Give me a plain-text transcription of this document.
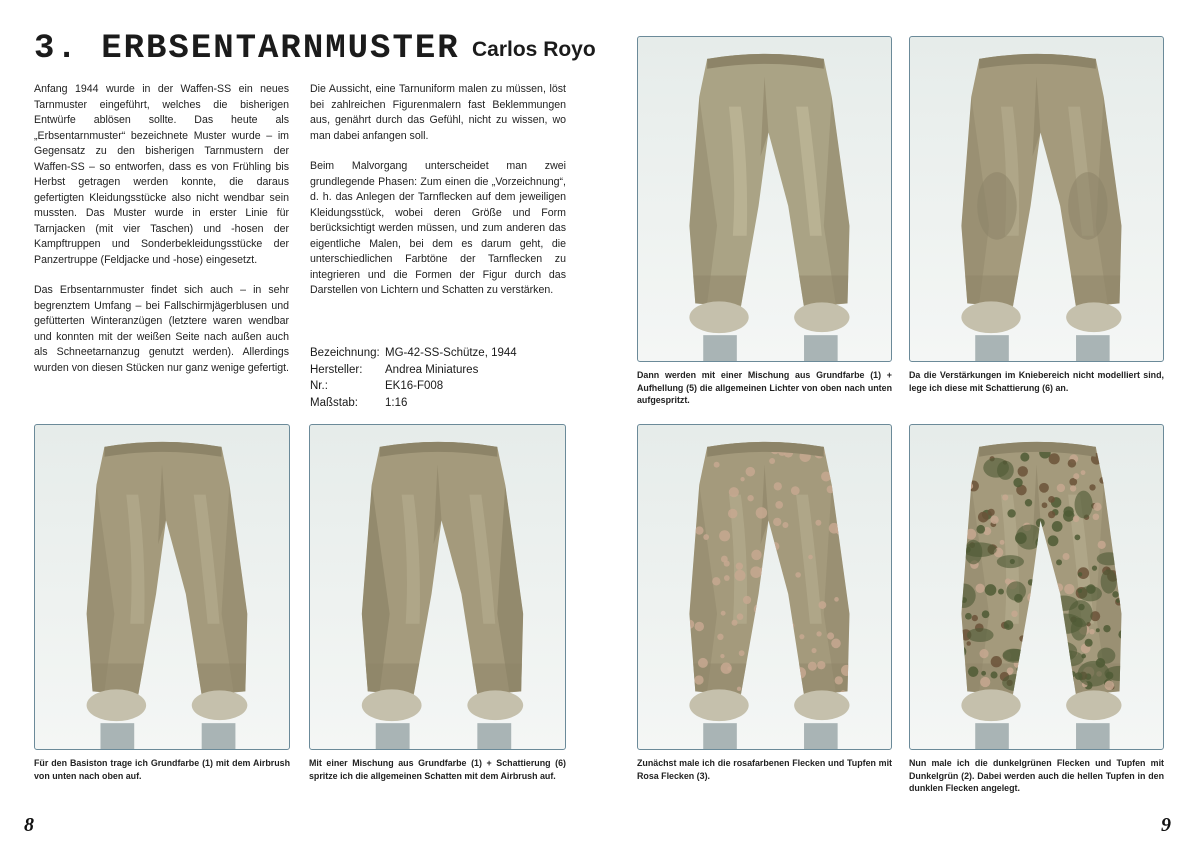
3. ERBSENTARNMUSTER Carlos Royo

Anfang 1944 wurde in der Waffen-SS ein neues Tarnmuster eingeführt, welches die bisherigen Entwürfe ablösen sollte. Das heute als „Erbsentarnmuster“ bezeichnete Muster wurde – im Gegensatz zu den bisherigen Tarnmustern der Waffen-SS – so entworfen, dass es von Frühling bis Herbst getragen werden konnte, die daraus gefertigten Kleidungsstücke also nicht wendbar sein mussten. Das Muster wurde in erster Linie für Tarnjacken (mit vier Taschen) und -hosen der Kampftruppen und Sonderbekleidungsstücke der Panzertruppe (Feldjacke und -hose) eingesetzt.

Das Erbsentarnmuster findet sich auch – in sehr begrenztem Umfang – bei Fallschirmjägerblusen und gefütterten Winteranzügen (letztere waren wendbar und konnten mit der weißen Seite nach außen auch als Schneetarnanzug genutzt werden). Allerdings wurden von diesen Stücken nur ganz wenige gefertigt.

Die Aussicht, eine Tarnuniform malen zu müssen, löst bei zahlreichen Figurenmalern fast Beklemmungen aus, genährt durch das Gefühl, nicht zu wissen, wo man dabei anfangen soll.

Beim Malvorgang unterscheidet man zwei grundlegende Phasen: Zum einen die „Vorzeichnung“, d. h. das Anlegen der Tarnflecken auf dem jeweiligen Kleidungsstück, wobei deren Größe und Form berücksichtigt werden müssen, und zum anderen das eigentliche Malen, bei dem es darum geht, die unterschiedlichen Farbtöne der Tarnflecken zu integrieren und die Formen der Figur durch das Darstellen von Lichtern und Schatten zu verstärken.

Bezeichnung: MG-42-SS-Schütze, 1944
Hersteller:	Andrea Miniatures
Nr.:	EK16-F008
Maßstab:	1:16
Dann werden mit einer Mischung aus Grundfarbe (1) + Aufhellung (5) die allgemeinen Lichter von oben nach unten aufgespritzt.
Da die Verstärkungen im Kniebereich nicht modelliert sind, lege ich diese mit Schattierung (6) an.
Für den Basiston trage ich Grundfarbe (1) mit dem Airbrush von unten nach oben auf.
Mit einer Mischung aus Grundfarbe (1) + Schattierung (6) spritze ich die allgemeinen Schatten mit dem Airbrush auf.
Zunächst male ich die rosafarbenen Flecken und Tupfen mit Rosa Flecken (3).
Nun male ich die dunkelgrünen Flecken und Tupfen mit Dunkelgrün (2). Dabei werden auch die hellen Tupfen in den dunklen Flecken angelegt.
8	9
